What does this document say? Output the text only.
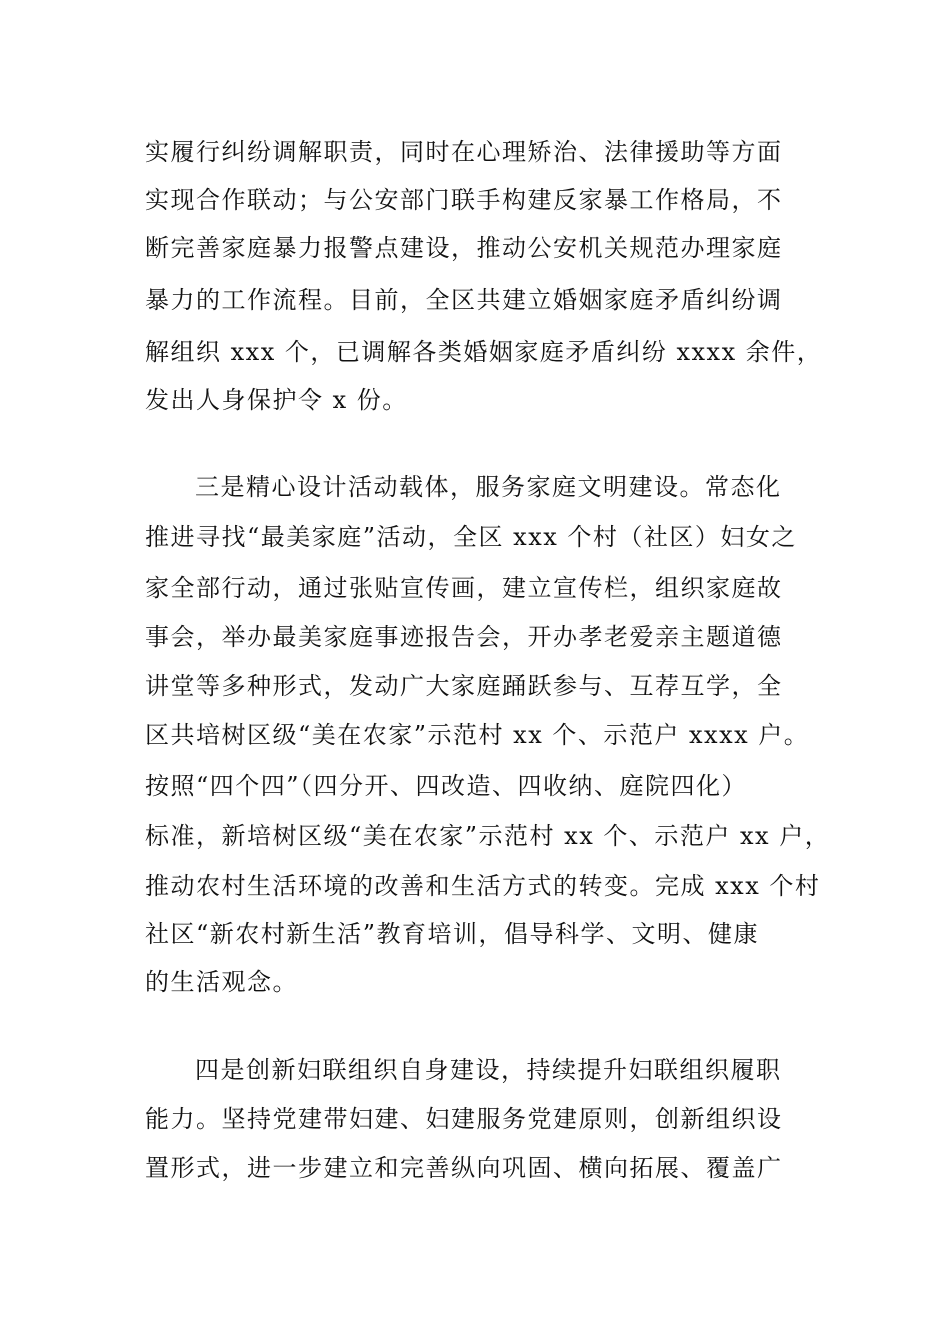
实履行纠纷调解职责，同时在心理矫治、法律援助等方面
实现合作联动；与公安部门联手构建反家暴工作格局，不
断完善家庭暴力报警点建设，推动公安机关规范办理家庭
暴力的工作流程。目前，全区共建立婚姻家庭矛盾纠纷调
解组织 xxx 个，已调解各类婚姻家庭矛盾纠纷 xxxx 余件，
发出人身保护令 x 份。
三是精心设计活动载体，服务家庭文明建设。常态化
推进寻找“最美家庭”活动，全区 xxx 个村（社区）妇女之
家全部行动，通过张贴宣传画，建立宣传栏，组织家庭故
事会，举办最美家庭事迹报告会，开办孝老爱亲主题道德
讲堂等多种形式，发动广大家庭踊跃参与、互荐互学，全
区共培树区级“美在农家”示范村 xx 个、示范户 xxxx 户。
按照“四个四”（四分开、四改造、四收纳、庭院四化）
标准，新培树区级“美在农家”示范村 xx 个、示范户 xx 户，
推动农村生活环境的改善和生活方式的转变。完成 xxx 个村
社区“新农村新生活”教育培训，倡导科学、文明、健康
的生活观念。
四是创新妇联组织自身建设，持续提升妇联组织履职
能力。坚持党建带妇建、妇建服务党建原则，创新组织设
置形式，进一步建立和完善纵向巩固、横向拓展、覆盖广
